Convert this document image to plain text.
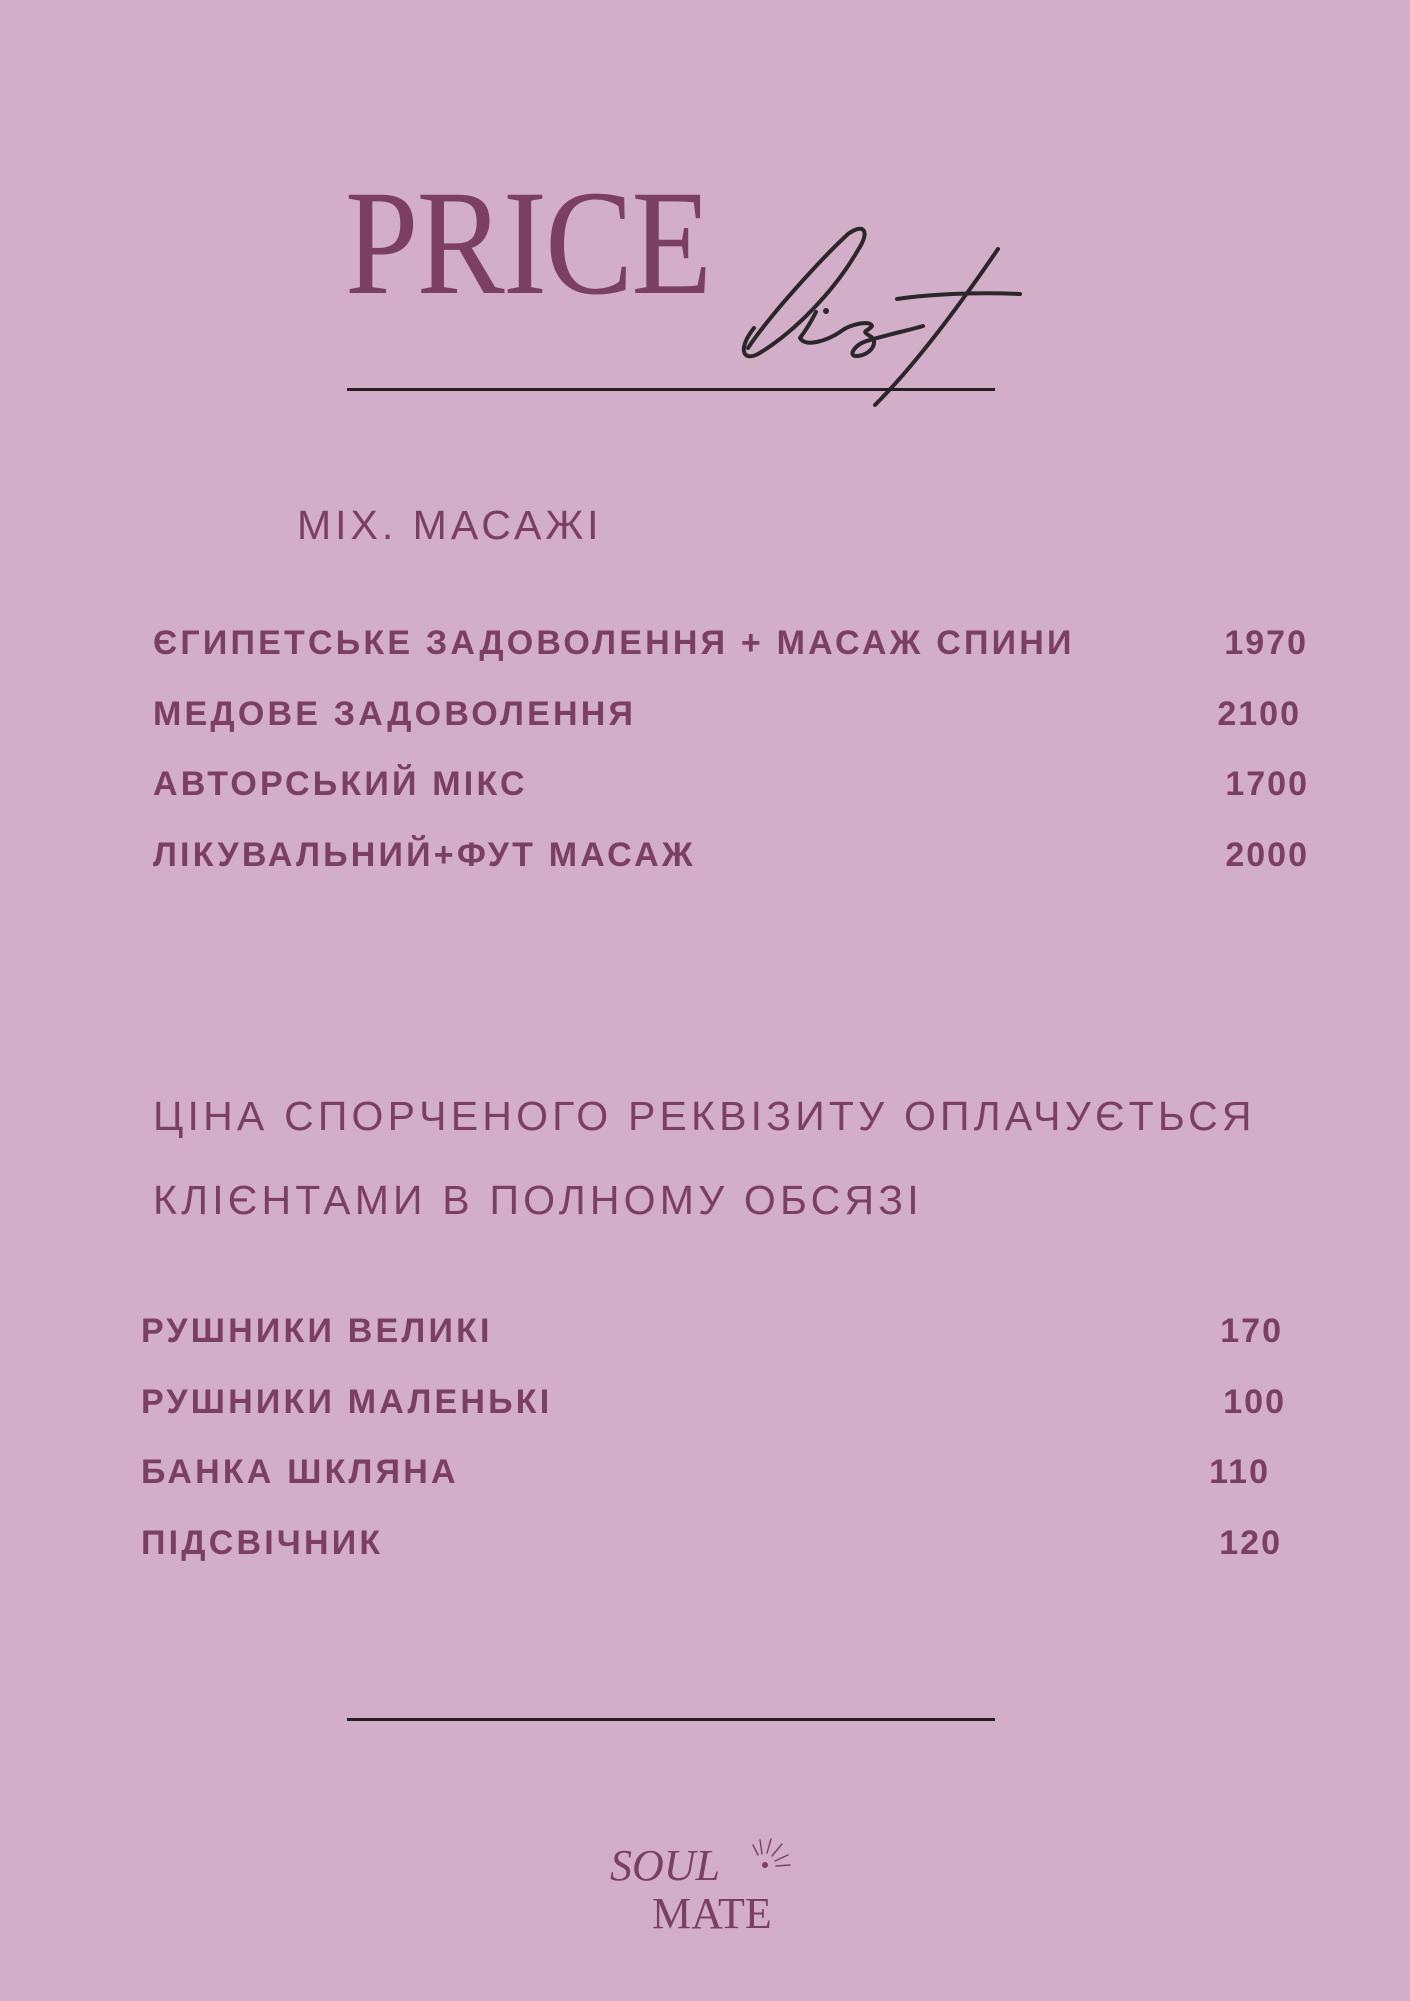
PRICE
MIX. МАСАЖІ
ЄГИПЕТСЬКЕ ЗАДОВОЛЕННЯ + МАСАЖ СПИНИ	1970
МЕДОВЕ ЗАДОВОЛЕННЯ	2100
АВТОРСЬКИЙ МІКС	1700
ЛІКУВАЛЬНИЙ+ФУТ МАСАЖ	2000

ЦІНА СПОРЧЕНОГО РЕКВІЗИТУ ОПЛАЧУЄТЬСЯ
КЛІЄНТАМИ В ПОЛНОМУ ОБСЯЗІ

РУШНИКИ ВЕЛИКІ	170
РУШНИКИ МАЛЕНЬКІ	100
БАНКА ШКЛЯНА	110
ПІДСВІЧНИК	120
SOUL
MATE
